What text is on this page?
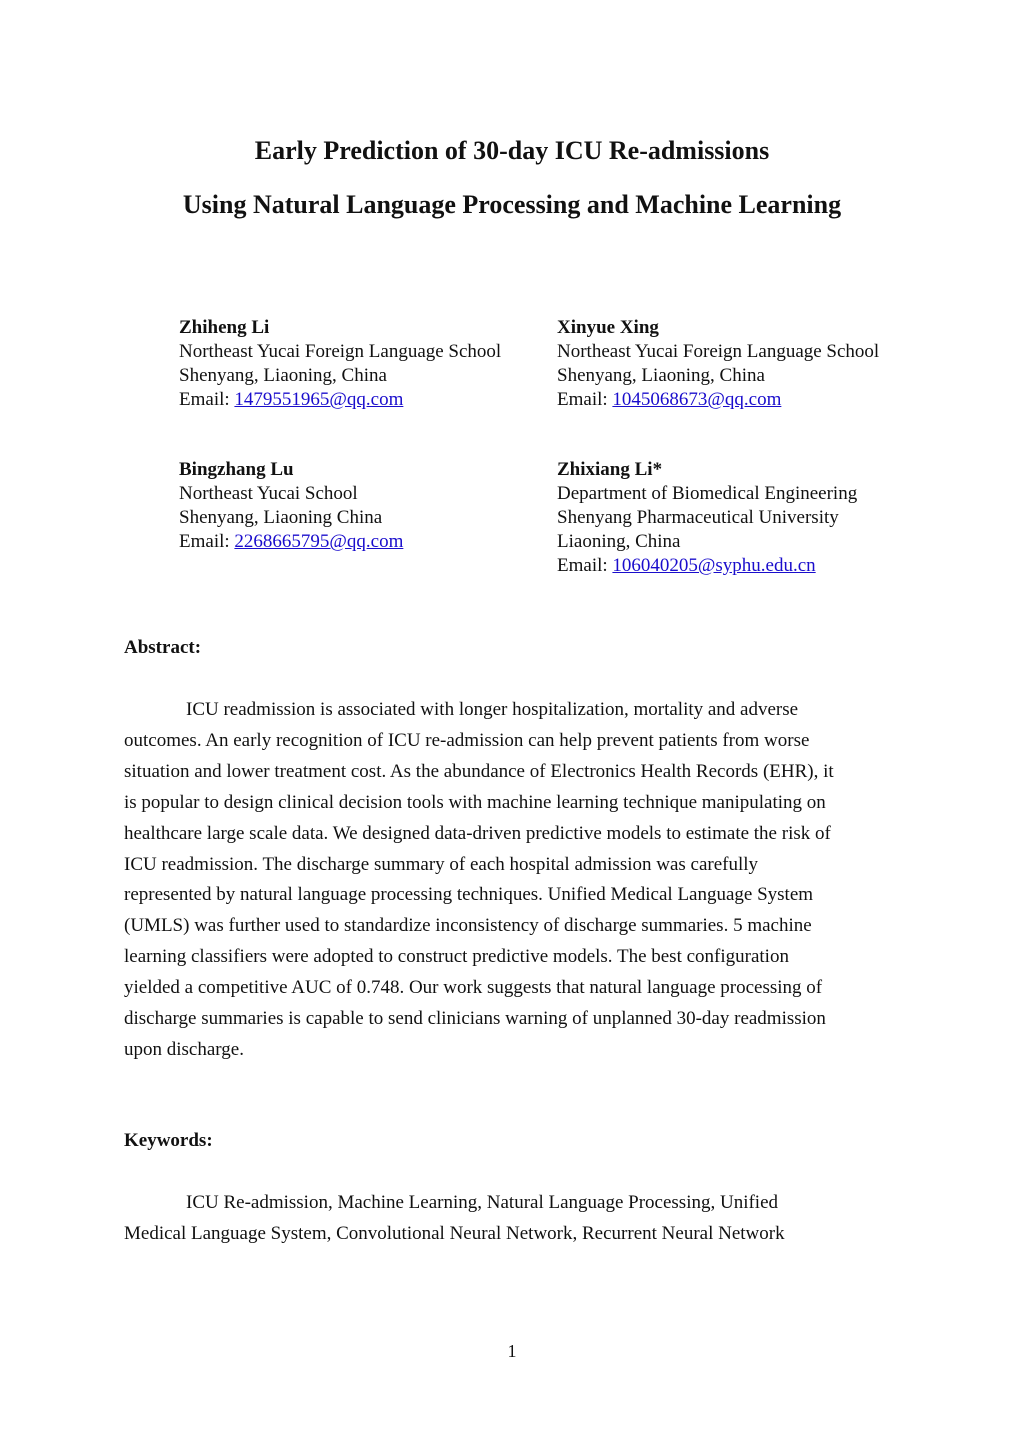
Early Prediction of 30-day ICU Re-admissions
Using Natural Language Processing and Machine Learning
Zhiheng Li
Northeast Yucai Foreign Language School
Shenyang, Liaoning, China
Email: 1479551965@qq.com
Xinyue Xing
Northeast Yucai Foreign Language School
Shenyang, Liaoning, China
Email: 1045068673@qq.com
Bingzhang Lu
Northeast Yucai School
Shenyang, Liaoning China
Email: 2268665795@qq.com
Zhixiang Li*
Department of Biomedical Engineering
Shenyang Pharmaceutical University
Liaoning, China
Email: 106040205@syphu.edu.cn
Abstract:
ICU readmission is associated with longer hospitalization, mortality and adverse
outcomes. An early recognition of ICU re-admission can help prevent patients from worse
situation and lower treatment cost. As the abundance of Electronics Health Records (EHR), it
is popular to design clinical decision tools with machine learning technique manipulating on
healthcare large scale data. We designed data-driven predictive models to estimate the risk of
ICU readmission. The discharge summary of each hospital admission was carefully
represented by natural language processing techniques. Unified Medical Language System
(UMLS) was further used to standardize inconsistency of discharge summaries. 5 machine
learning classifiers were adopted to construct predictive models. The best configuration
yielded a competitive AUC of 0.748. Our work suggests that natural language processing of
discharge summaries is capable to send clinicians warning of unplanned 30-day readmission
upon discharge.
Keywords:
ICU Re-admission, Machine Learning, Natural Language Processing, Unified
Medical Language System, Convolutional Neural Network, Recurrent Neural Network
1
